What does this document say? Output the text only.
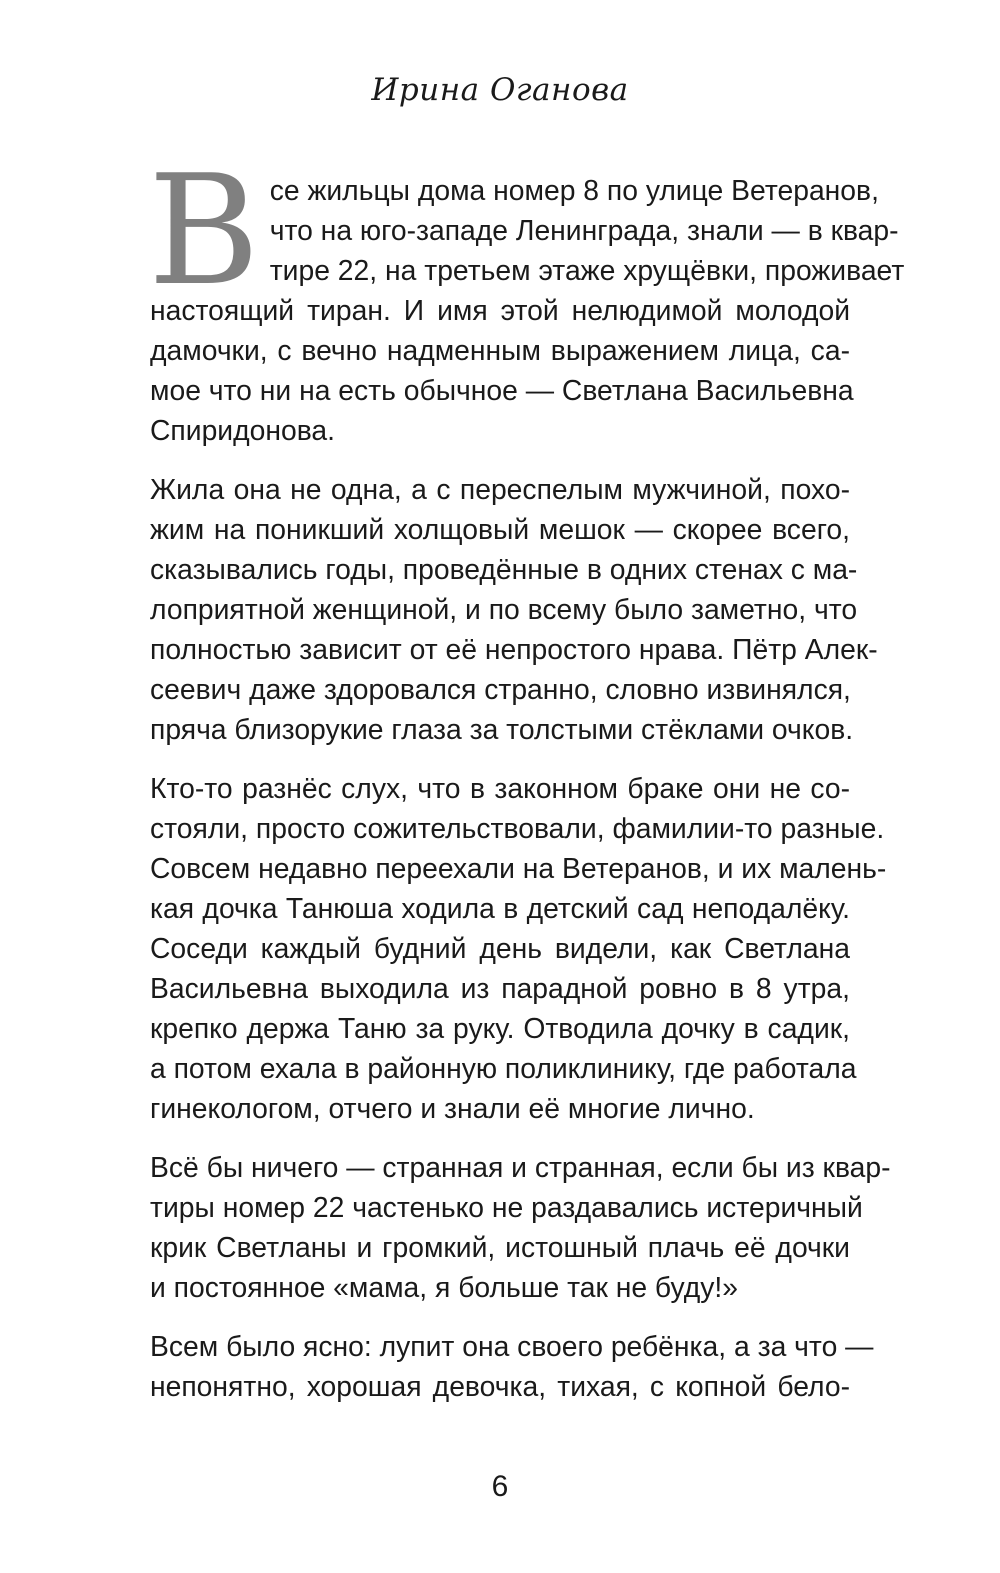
Ирина Оганова
В се жильцы дома номер 8 по улице Ветеранов,
что на юго-западе Ленинграда, знали — в квар-
тире 22, на третьем этаже хрущёвки, проживает
настоящий тиран. И имя этой нелюдимой молодой
дамочки, с вечно надменным выражением лица, са-
мое что ни на есть обычное — Светлана Васильевна
Спиридонова.
Жила она не одна, а с переспелым мужчиной, похо-
жим на поникший холщовый мешок — скорее всего,
сказывались годы, проведённые в одних стенах с ма-
лоприятной женщиной, и по всему было заметно, что
полностью зависит от её непростого нрава. Пётр Алек-
сеевич даже здоровался странно, словно извинялся,
пряча близорукие глаза за толстыми стёклами очков.
Кто-то разнёс слух, что в законном браке они не со-
стояли, просто сожительствовали, фамилии-то разные.
Совсем недавно переехали на Ветеранов, и их малень-
кая дочка Танюша ходила в детский сад неподалёку.
Соседи каждый будний день видели, как Светлана
Васильевна выходила из парадной ровно в 8 утра,
крепко держа Таню за руку. Отводила дочку в садик,
а потом ехала в районную поликлинику, где работала
гинекологом, отчего и знали её многие лично.
Всё бы ничего — странная и странная, если бы из квар-
тиры номер 22 частенько не раздавались истеричный
крик Светланы и громкий, истошный плачь её дочки
и постоянное «мама, я больше так не буду!»
Всем было ясно: лупит она своего ребёнка, а за что —
непонятно, хорошая девочка, тихая, с копной бело-
6
